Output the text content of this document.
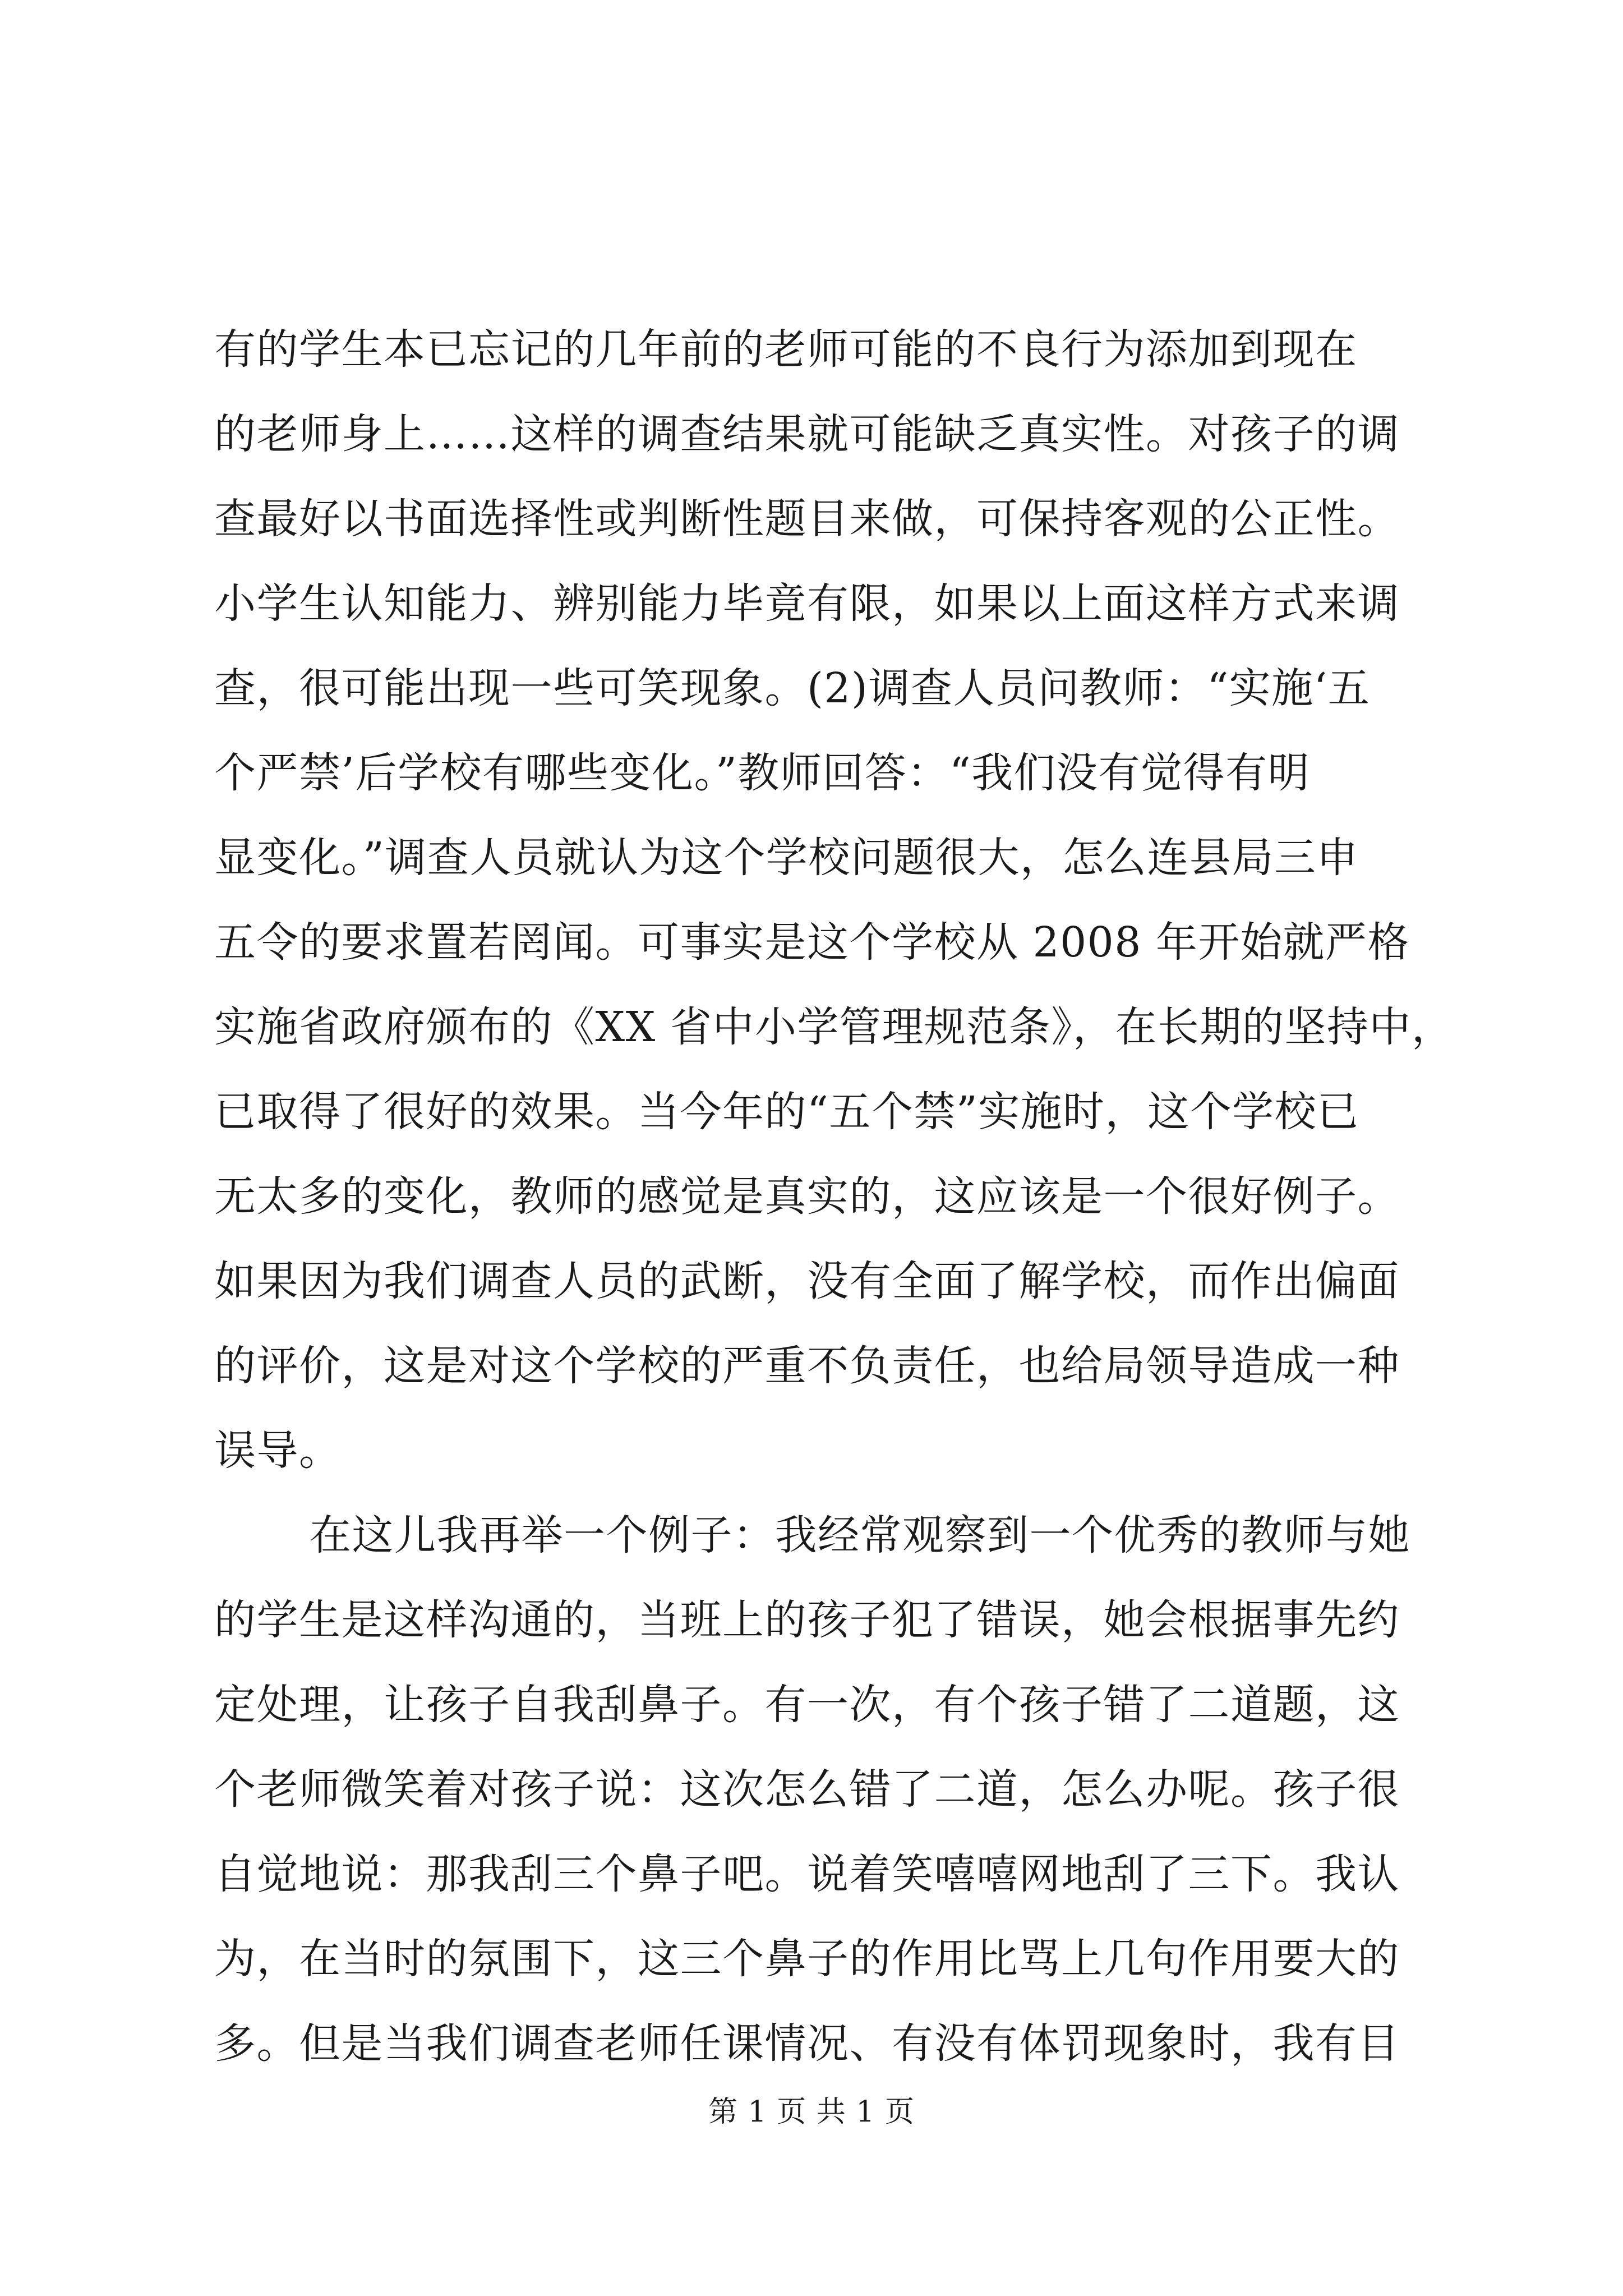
有的学生本已忘记的几年前的老师可能的不良行为添加到现在
的老师身上……这样的调查结果就可能缺乏真实性。对孩子的调
查最好以书面选择性或判断性题目来做，可保持客观的公正性。
小学生认知能力、辨别能力毕竟有限，如果以上面这样方式来调
查，很可能出现一些可笑现象。(2)调查人员问教师：“实施‘五
个严禁’后学校有哪些变化。”教师回答：“我们没有觉得有明
显变化。”调查人员就认为这个学校问题很大，怎么连县局三申
五令的要求置若罔闻。可事实是这个学校从 2008 年开始就严格
实施省政府颁布的《XX 省中小学管理规范条》，在长期的坚持中，
已取得了很好的效果。当今年的“五个禁”实施时，这个学校已
无太多的变化，教师的感觉是真实的，这应该是一个很好例子。
如果因为我们调查人员的武断，没有全面了解学校，而作出偏面
的评价，这是对这个学校的严重不负责任，也给局领导造成一种
误导。
在这儿我再举一个例子：我经常观察到一个优秀的教师与她
的学生是这样沟通的，当班上的孩子犯了错误，她会根据事先约
定处理，让孩子自我刮鼻子。有一次，有个孩子错了二道题，这
个老师微笑着对孩子说：这次怎么错了二道，怎么办呢。孩子很
自觉地说：那我刮三个鼻子吧。说着笑嘻嘻网地刮了三下。我认
为，在当时的氛围下，这三个鼻子的作用比骂上几句作用要大的
多。但是当我们调查老师任课情况、有没有体罚现象时，我有目
第 1 页 共 1 页
